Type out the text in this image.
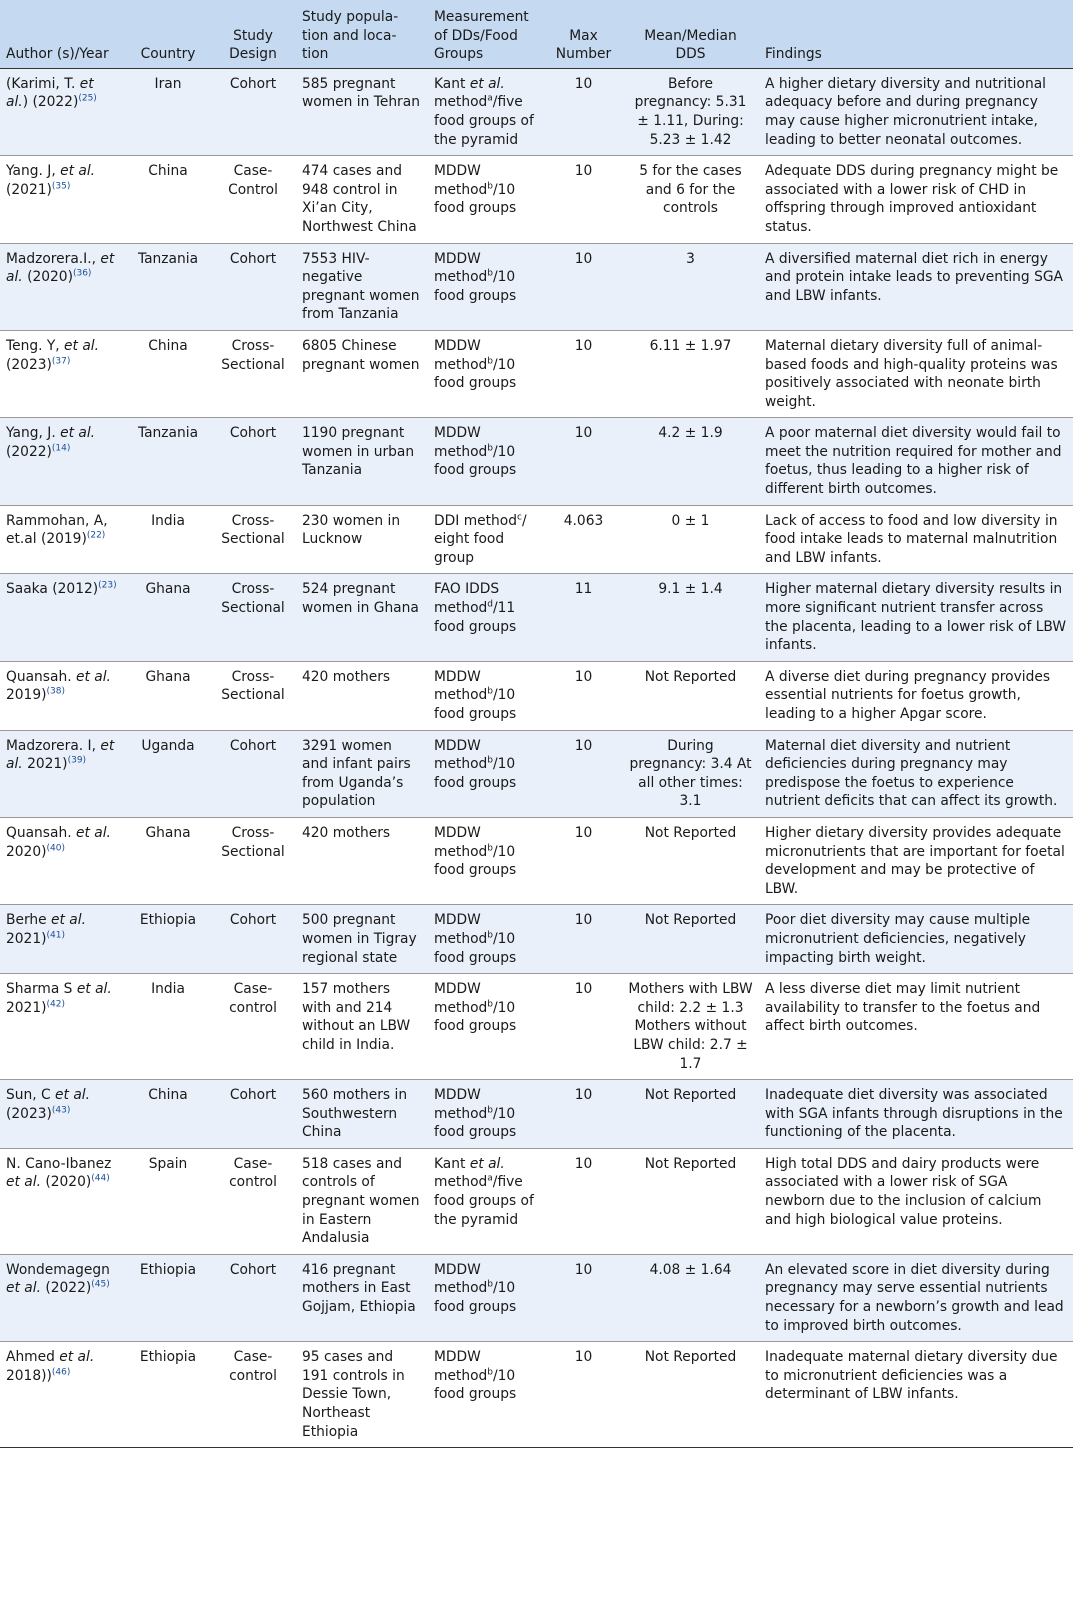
Author (s)/Year	Country	Study Design	Study popula-tion and loca-tion	Measurement of DDs/Food Groups	Max Number	Mean/Median DDS	Findings
(Karimi, T. et al.) (2022)$^{(25)}$	Iran	Cohort	585 pregnant women in Tehran	Kant et al. method$^a$/five food groups of the pyramid	10	Before pregnancy: 5.31 ± 1.11, During: 5.23 ± 1.42	A higher dietary diversity and nutritional adequacy before and during pregnancy may cause higher micronutrient intake, leading to better neonatal outcomes.
Yang. J, et al. (2021)$^{(35)}$	China	Case-Control	474 cases and 948 control in Xi’an City, Northwest China	MDDW method$^b$/10 food groups	10	5 for the cases and 6 for the controls	Adequate DDS during pregnancy might be associated with a lower risk of CHD in offspring through improved antioxidant status.
Madzorera.I., et al. (2020)$^{(36)}$	Tanzania	Cohort	7553 HIV-negative pregnant women from Tanzania	MDDW method$^b$/10 food groups	10	3	A diversified maternal diet rich in energy and protein intake leads to preventing SGA and LBW infants.
Teng. Y, et al. (2023)$^{(37)}$	China	Cross-Sectional	6805 Chinese pregnant women	MDDW method$^b$/10 food groups	10	6.11 ± 1.97	Maternal dietary diversity full of animal-based foods and high-quality proteins was positively associated with neonate birth weight.
Yang, J. et al. (2022)$^{(14)}$	Tanzania	Cohort	1190 pregnant women in urban Tanzania	MDDW method$^b$/10 food groups	10	4.2 ± 1.9	A poor maternal diet diversity would fail to meet the nutrition required for mother and foetus, thus leading to a higher risk of different birth outcomes.
Rammohan, A, et.al (2019)$^{(22)}$	India	Cross-Sectional	230 women in Lucknow	DDI method$^c$/ eight food group	4.063	0 ± 1	Lack of access to food and low diversity in food intake leads to maternal malnutrition and LBW infants.
Saaka (2012)$^{(23)}$	Ghana	Cross-Sectional	524 pregnant women in Ghana	FAO IDDS method$^d$/11 food groups	11	9.1 ± 1.4	Higher maternal dietary diversity results in more significant nutrient transfer across the placenta, leading to a lower risk of LBW infants.
Quansah. et al. 2019)$^{(38)}$	Ghana	Cross-Sectional	420 mothers	MDDW method$^b$/10 food groups	10	Not Reported	A diverse diet during pregnancy provides essential nutrients for foetus growth, leading to a higher Apgar score.
Madzorera. I, et al. 2021)$^{(39)}$	Uganda	Cohort	3291 women and infant pairs from Uganda’s population	MDDW method$^b$/10 food groups	10	During pregnancy: 3.4 At all other times: 3.1	Maternal diet diversity and nutrient deficiencies during pregnancy may predispose the foetus to experience nutrient deficits that can affect its growth.
Quansah. et al. 2020)$^{(40)}$	Ghana	Cross-Sectional	420 mothers	MDDW method$^b$/10 food groups	10	Not Reported	Higher dietary diversity provides adequate micronutrients that are important for foetal development and may be protective of LBW.
Berhe et al. 2021)$^{(41)}$	Ethiopia	Cohort	500 pregnant women in Tigray regional state	MDDW method$^b$/10 food groups	10	Not Reported	Poor diet diversity may cause multiple micronutrient deficiencies, negatively impacting birth weight.
Sharma S et al. 2021)$^{(42)}$	India	Case-control	157 mothers with and 214 without an LBW child in India.	MDDW method$^b$/10 food groups	10	Mothers with LBW child: 2.2 ± 1.3 Mothers without LBW child: 2.7 ± 1.7	A less diverse diet may limit nutrient availability to transfer to the foetus and affect birth outcomes.
Sun, C et al. (2023)$^{(43)}$	China	Cohort	560 mothers in Southwestern China	MDDW method$^b$/10 food groups	10	Not Reported	Inadequate diet diversity was associated with SGA infants through disruptions in the functioning of the placenta.
N. Cano-Ibanez et al. (2020)$^{(44)}$	Spain	Case-control	518 cases and controls of pregnant women in Eastern Andalusia	Kant et al. method$^a$/five food groups of the pyramid	10	Not Reported	High total DDS and dairy products were associated with a lower risk of SGA newborn due to the inclusion of calcium and high biological value proteins.
Wondemagegn et al. (2022)$^{(45)}$	Ethiopia	Cohort	416 pregnant mothers in East Gojjam, Ethiopia	MDDW method$^b$/10 food groups	10	4.08 ± 1.64	An elevated score in diet diversity during pregnancy may serve essential nutrients necessary for a newborn’s growth and lead to improved birth outcomes.
Ahmed et al. 2018))$^{(46)}$	Ethiopia	Case-control	95 cases and 191 controls in Dessie Town, Northeast Ethiopia	MDDW method$^b$/10 food groups	10	Not Reported	Inadequate maternal dietary diversity due to micronutrient deficiencies was a determinant of LBW infants.
